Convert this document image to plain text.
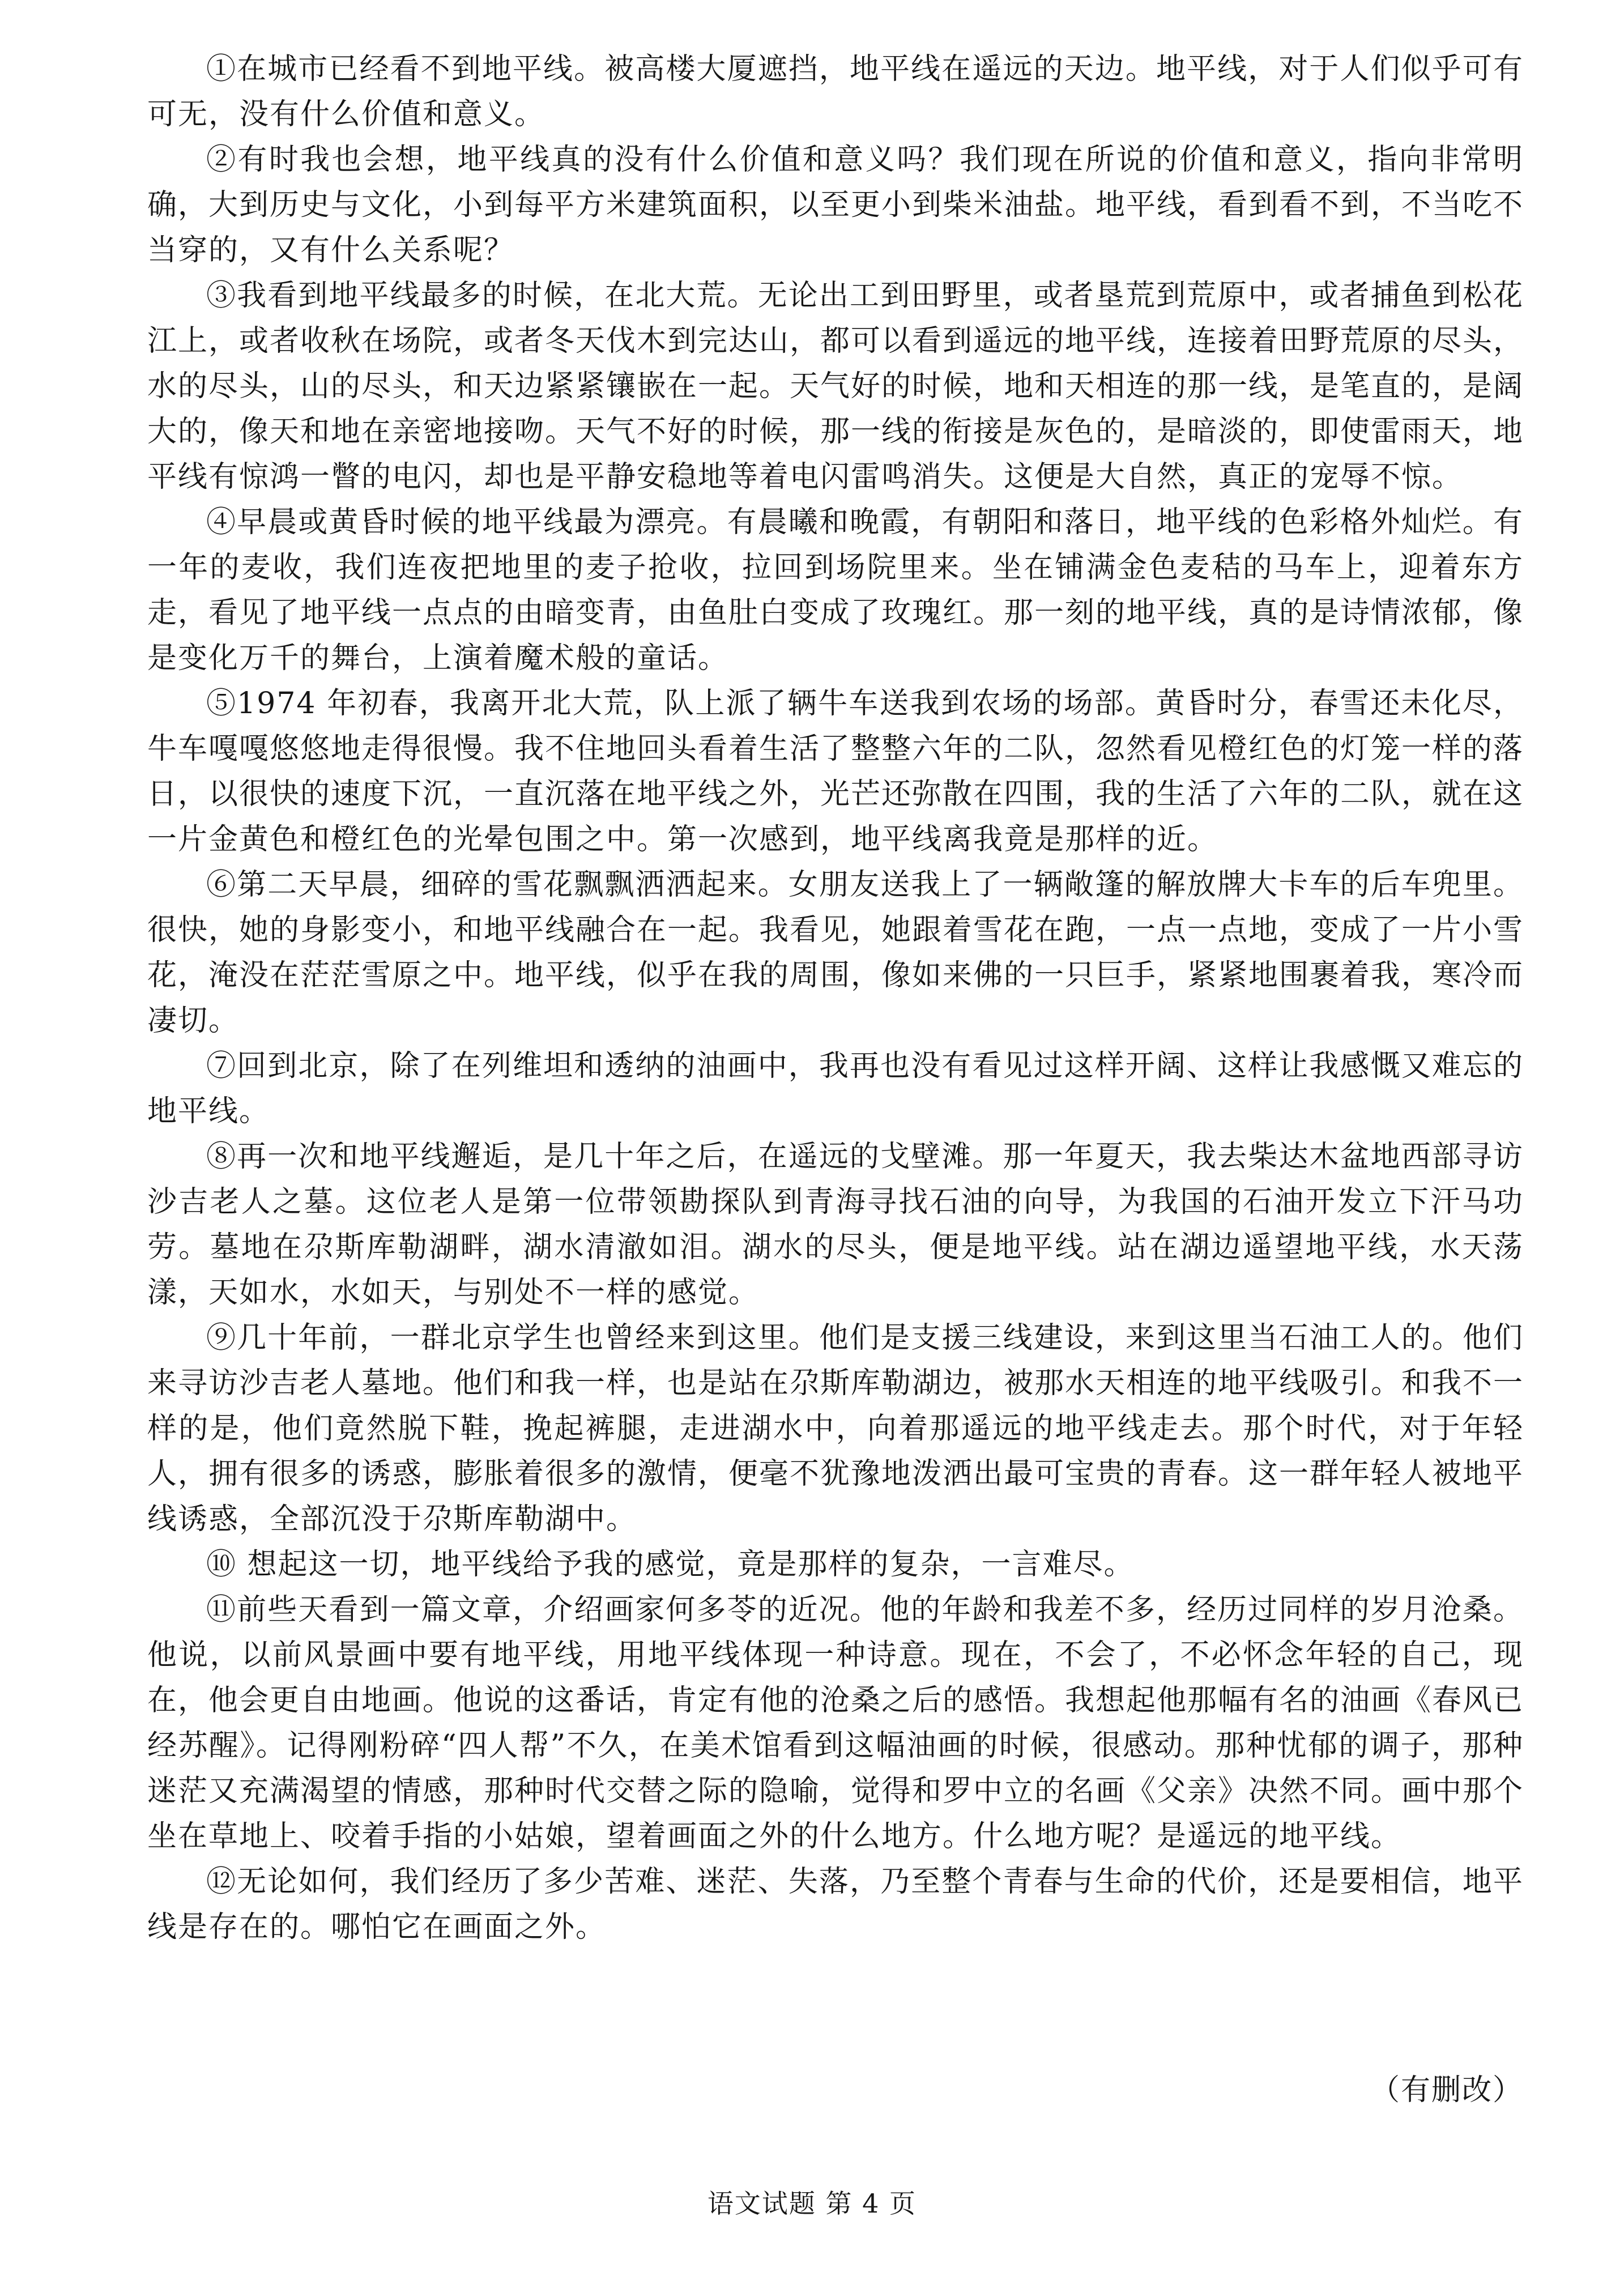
①在城市已经看不到地平线。被高楼大厦遮挡，地平线在遥远的天边。地平线，对于人们似乎可有可无，没有什么价值和意义。

②有时我也会想，地平线真的没有什么价值和意义吗？我们现在所说的价值和意义，指向非常明确，大到历史与文化，小到每平方米建筑面积，以至更小到柴米油盐。地平线，看到看不到，不当吃不当穿的，又有什么关系呢？

③我看到地平线最多的时候，在北大荒。无论出工到田野里，或者垦荒到荒原中，或者捕鱼到松花江上，或者收秋在场院，或者冬天伐木到完达山，都可以看到遥远的地平线，连接着田野荒原的尽头，水的尽头，山的尽头，和天边紧紧镶嵌在一起。天气好的时候，地和天相连的那一线，是笔直的，是阔大的，像天和地在亲密地接吻。天气不好的时候，那一线的衔接是灰色的，是暗淡的，即使雷雨天，地平线有惊鸿一瞥的电闪，却也是平静安稳地等着电闪雷鸣消失。这便是大自然，真正的宠辱不惊。

④早晨或黄昏时候的地平线最为漂亮。有晨曦和晚霞，有朝阳和落日，地平线的色彩格外灿烂。有一年的麦收，我们连夜把地里的麦子抢收，拉回到场院里来。坐在铺满金色麦秸的马车上，迎着东方走，看见了地平线一点点的由暗变青，由鱼肚白变成了玫瑰红。那一刻的地平线，真的是诗情浓郁，像是变化万千的舞台，上演着魔术般的童话。

⑤1974 年初春，我离开北大荒，队上派了辆牛车送我到农场的场部。黄昏时分，春雪还未化尽，牛车嘎嘎悠悠地走得很慢。我不住地回头看着生活了整整六年的二队，忽然看见橙红色的灯笼一样的落日，以很快的速度下沉，一直沉落在地平线之外，光芒还弥散在四围，我的生活了六年的二队，就在这一片金黄色和橙红色的光晕包围之中。第一次感到，地平线离我竟是那样的近。

⑥第二天早晨，细碎的雪花飘飘洒洒起来。女朋友送我上了一辆敞篷的解放牌大卡车的后车兜里。很快，她的身影变小，和地平线融合在一起。我看见，她跟着雪花在跑，一点一点地，变成了一片小雪花，淹没在茫茫雪原之中。地平线，似乎在我的周围，像如来佛的一只巨手，紧紧地围裹着我，寒冷而凄切。

⑦回到北京，除了在列维坦和透纳的油画中，我再也没有看见过这样开阔、这样让我感慨又难忘的地平线。

⑧再一次和地平线邂逅，是几十年之后，在遥远的戈壁滩。那一年夏天，我去柴达木盆地西部寻访沙吉老人之墓。这位老人是第一位带领勘探队到青海寻找石油的向导，为我国的石油开发立下汗马功劳。墓地在尕斯库勒湖畔，湖水清澈如泪。湖水的尽头，便是地平线。站在湖边遥望地平线，水天荡漾，天如水，水如天，与别处不一样的感觉。

⑨几十年前，一群北京学生也曾经来到这里。他们是支援三线建设，来到这里当石油工人的。他们来寻访沙吉老人墓地。他们和我一样，也是站在尕斯库勒湖边，被那水天相连的地平线吸引。和我不一样的是，他们竟然脱下鞋，挽起裤腿，走进湖水中，向着那遥远的地平线走去。那个时代，对于年轻人，拥有很多的诱惑，膨胀着很多的激情，便毫不犹豫地泼洒出最可宝贵的青春。这一群年轻人被地平线诱惑，全部沉没于尕斯库勒湖中。

⑩ 想起这一切，地平线给予我的感觉，竟是那样的复杂，一言难尽。

⑪前些天看到一篇文章，介绍画家何多苓的近况。他的年龄和我差不多，经历过同样的岁月沧桑。他说，以前风景画中要有地平线，用地平线体现一种诗意。现在，不会了，不必怀念年轻的自己，现在，他会更自由地画。他说的这番话，肯定有他的沧桑之后的感悟。我想起他那幅有名的油画《春风已经苏醒》。记得刚粉碎“四人帮”不久，在美术馆看到这幅油画的时候，很感动。那种忧郁的调子，那种迷茫又充满渴望的情感，那种时代交替之际的隐喻，觉得和罗中立的名画《父亲》决然不同。画中那个坐在草地上、咬着手指的小姑娘，望着画面之外的什么地方。什么地方呢？是遥远的地平线。

⑫无论如何，我们经历了多少苦难、迷茫、失落，乃至整个青春与生命的代价，还是要相信，地平线是存在的。哪怕它在画面之外。

（有删改）
语文试题 第 4 页
